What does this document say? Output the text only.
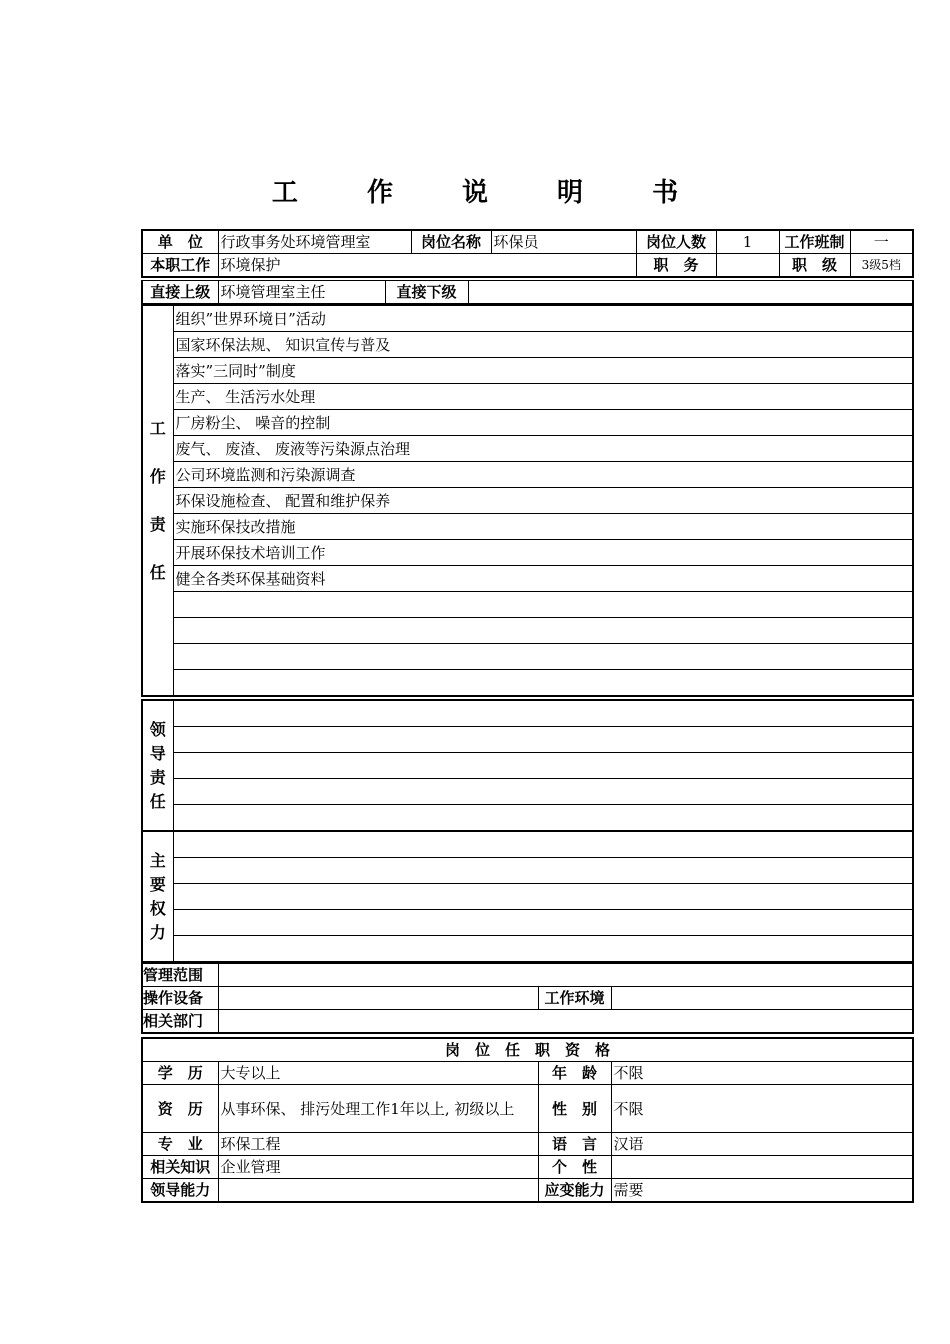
工 作 说 明 书
单　位	行政事务处环境管理室	岗位名称	环保员	岗位人数	1	工作班制	一
本职工作	环境保护			职　务		职　级	3级5档
直接上级	环境管理室主任	直接下级	
工
作
责
任
	组织”世界环境日”活动
国家环保法规、 知识宣传与普及
落实”三同时”制度
生产、 生活污水处理
厂房粉尘、 噪音的控制
废气、 废渣、 废液等污染源点治理
公司环境监测和污染源调查
环保设施检查、 配置和维护保养
实施环保技改措施
开展环保技术培训工作
健全各类环保基础资料

领
导
责
任

主
要
权
力

管理范围			
操作设备		工作环境	
相关部门			
岗　位　任　职　资　格			
学　历	大专以上	年　龄	不限
资　历	从事环保、 排污处理工作1年以上, 初级以上	性　别	不限
专　业	环保工程	语　言	汉语
相关知识	企业管理	个　性	
领导能力		应变能力	需要
